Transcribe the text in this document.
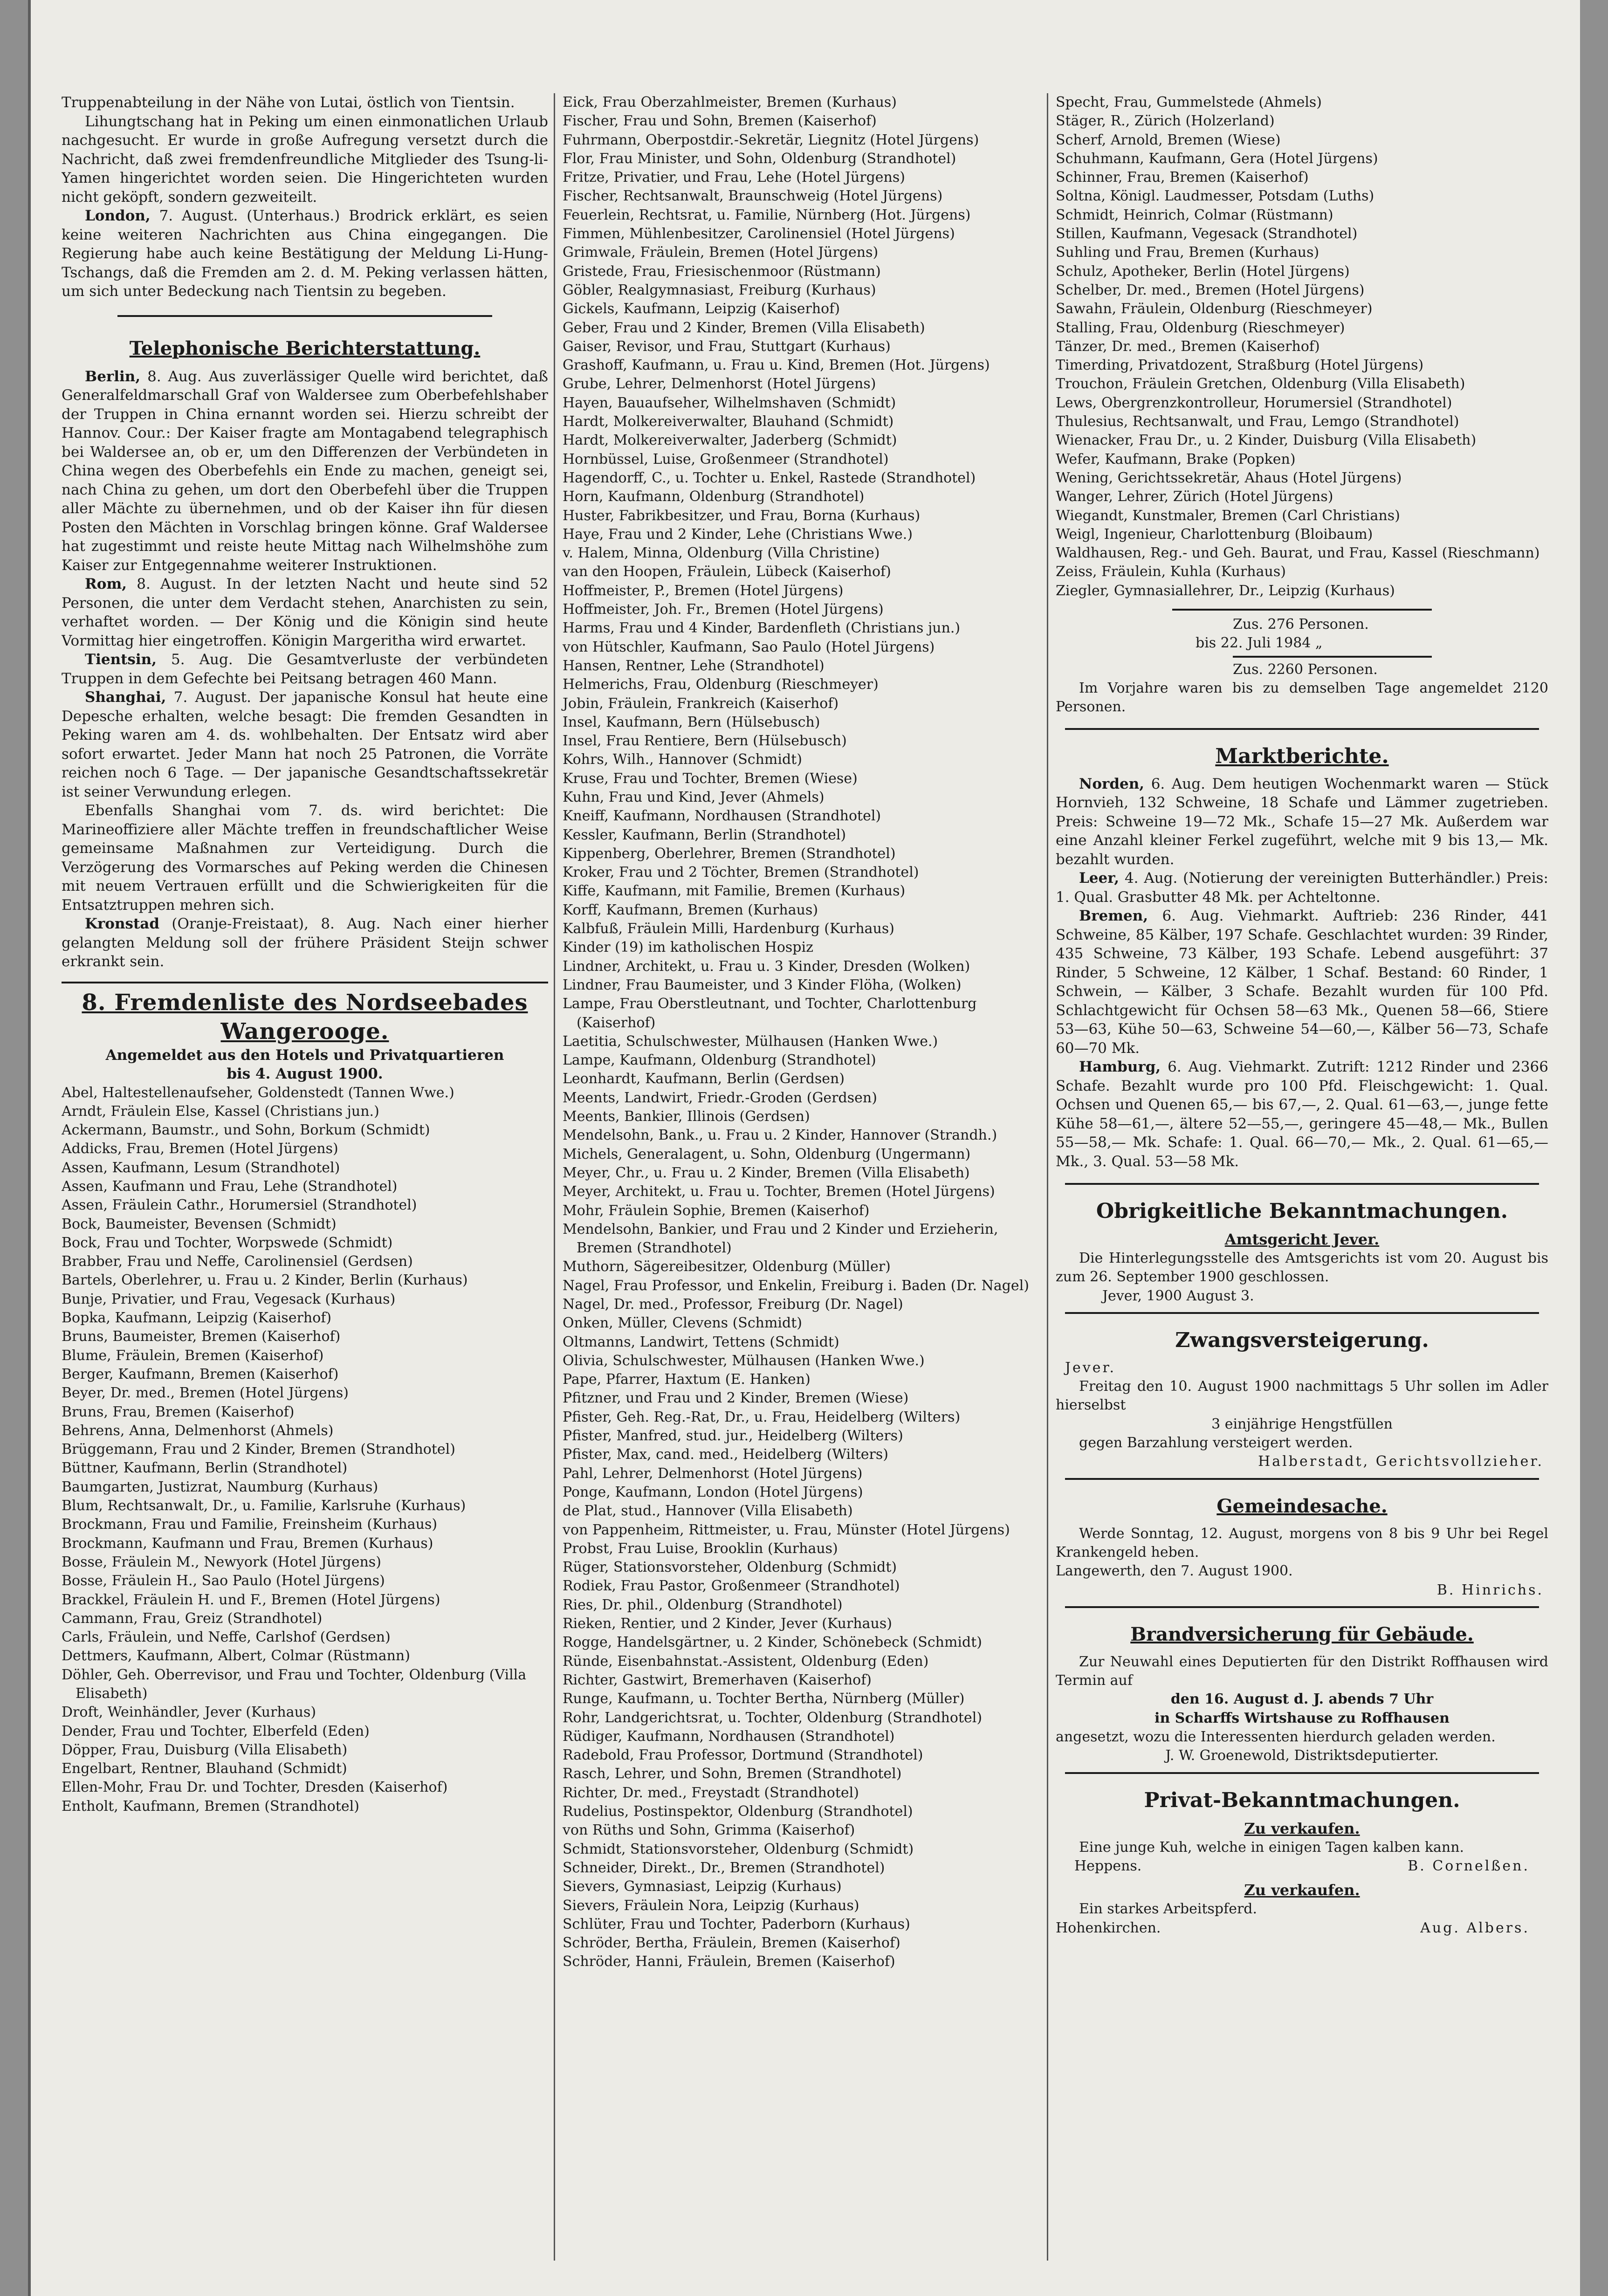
Truppenabteilung in der Nähe von Lutai, östlich von Tientsin.

Lihungtschang hat in Peking um einen einmonatlichen Urlaub nachgesucht. Er wurde in große Aufregung versetzt durch die Nachricht, daß zwei fremdenfreundliche Mitglieder des Tsung-li-Yamen hingerichtet worden seien. Die Hingerichteten wurden nicht geköpft, sondern gezweiteilt.

London, 7. August. (Unterhaus.) Brodrick erklärt, es seien keine weiteren Nachrichten aus China eingegangen. Die Regierung habe auch keine Bestätigung der Meldung Li-Hung-Tschangs, daß die Fremden am 2. d. M. Peking verlassen hätten, um sich unter Bedeckung nach Tientsin zu begeben.

Telephonische Berichterstattung.

Berlin, 8. Aug. Aus zuverlässiger Quelle wird berichtet, daß Generalfeldmarschall Graf von Waldersee zum Oberbefehlshaber der Truppen in China ernannt worden sei. Hierzu schreibt der Hannov. Cour.: Der Kaiser fragte am Montagabend telegraphisch bei Waldersee an, ob er, um den Differenzen der Verbündeten in China wegen des Oberbefehls ein Ende zu machen, geneigt sei, nach China zu gehen, um dort den Oberbefehl über die Truppen aller Mächte zu übernehmen, und ob der Kaiser ihn für diesen Posten den Mächten in Vorschlag bringen könne. Graf Waldersee hat zugestimmt und reiste heute Mittag nach Wilhelmshöhe zum Kaiser zur Entgegennahme weiterer Instruktionen.

Rom, 8. August. In der letzten Nacht und heute sind 52 Personen, die unter dem Verdacht stehen, Anarchisten zu sein, verhaftet worden. — Der König und die Königin sind heute Vormittag hier eingetroffen. Königin Margeritha wird erwartet.

Tientsin, 5. Aug. Die Gesamtverluste der verbündeten Truppen in dem Gefechte bei Peitsang betragen 460 Mann.

Shanghai, 7. August. Der japanische Konsul hat heute eine Depesche erhalten, welche besagt: Die fremden Gesandten in Peking waren am 4. ds. wohlbehalten. Der Entsatz wird aber sofort erwartet. Jeder Mann hat noch 25 Patronen, die Vorräte reichen noch 6 Tage. — Der japanische Gesandtschaftssekretär ist seiner Verwundung erlegen.

Ebenfalls Shanghai vom 7. ds. wird berichtet: Die Marineoffiziere aller Mächte treffen in freundschaftlicher Weise gemeinsame Maßnahmen zur Verteidigung. Durch die Verzögerung des Vormarsches auf Peking werden die Chinesen mit neuem Vertrauen erfüllt und die Schwierigkeiten für die Entsatztruppen mehren sich.

Kronstad (Oranje-Freistaat), 8. Aug. Nach einer hierher gelangten Meldung soll der frühere Präsident Steijn schwer erkrankt sein.

8. Fremdenliste des Nordseebades Wangerooge.
Angemeldet aus den Hotels und Privatquartieren
bis 4. August 1900.

Abel, Haltestellenaufseher, Goldenstedt (Tannen Wwe.)

Arndt, Fräulein Else, Kassel (Christians jun.)

Ackermann, Baumstr., und Sohn, Borkum (Schmidt)

Addicks, Frau, Bremen (Hotel Jürgens)

Assen, Kaufmann, Lesum (Strandhotel)

Assen, Kaufmann und Frau, Lehe (Strandhotel)

Assen, Fräulein Cathr., Horumersiel (Strandhotel)

Bock, Baumeister, Bevensen (Schmidt)

Bock, Frau und Tochter, Worpswede (Schmidt)

Brabber, Frau und Neffe, Carolinensiel (Gerdsen)

Bartels, Oberlehrer, u. Frau u. 2 Kinder, Berlin (Kurhaus)

Bunje, Privatier, und Frau, Vegesack (Kurhaus)

Bopka, Kaufmann, Leipzig (Kaiserhof)

Bruns, Baumeister, Bremen (Kaiserhof)

Blume, Fräulein, Bremen (Kaiserhof)

Berger, Kaufmann, Bremen (Kaiserhof)

Beyer, Dr. med., Bremen (Hotel Jürgens)

Bruns, Frau, Bremen (Kaiserhof)

Behrens, Anna, Delmenhorst (Ahmels)

Brüggemann, Frau und 2 Kinder, Bremen (Strandhotel)

Büttner, Kaufmann, Berlin (Strandhotel)

Baumgarten, Justizrat, Naumburg (Kurhaus)

Blum, Rechtsanwalt, Dr., u. Familie, Karlsruhe (Kurhaus)

Brockmann, Frau und Familie, Freinsheim (Kurhaus)

Brockmann, Kaufmann und Frau, Bremen (Kurhaus)

Bosse, Fräulein M., Newyork (Hotel Jürgens)

Bosse, Fräulein H., Sao Paulo (Hotel Jürgens)

Brackkel, Fräulein H. und F., Bremen (Hotel Jürgens)

Cammann, Frau, Greiz (Strandhotel)

Carls, Fräulein, und Neffe, Carlshof (Gerdsen)

Dettmers, Kaufmann, Albert, Colmar (Rüstmann)

Döhler, Geh. Oberrevisor, und Frau und Tochter, Oldenburg (Villa Elisabeth)

Droft, Weinhändler, Jever (Kurhaus)

Dender, Frau und Tochter, Elberfeld (Eden)

Döpper, Frau, Duisburg (Villa Elisabeth)

Engelbart, Rentner, Blauhand (Schmidt)

Ellen-Mohr, Frau Dr. und Tochter, Dresden (Kaiserhof)

Entholt, Kaufmann, Bremen (Strandhotel)

Eick, Frau Oberzahlmeister, Bremen (Kurhaus)

Fischer, Frau und Sohn, Bremen (Kaiserhof)

Fuhrmann, Oberpostdir.-Sekretär, Liegnitz (Hotel Jürgens)

Flor, Frau Minister, und Sohn, Oldenburg (Strandhotel)

Fritze, Privatier, und Frau, Lehe (Hotel Jürgens)

Fischer, Rechtsanwalt, Braunschweig (Hotel Jürgens)

Feuerlein, Rechtsrat, u. Familie, Nürnberg (Hot. Jürgens)

Fimmen, Mühlenbesitzer, Carolinensiel (Hotel Jürgens)

Grimwale, Fräulein, Bremen (Hotel Jürgens)

Gristede, Frau, Friesischenmoor (Rüstmann)

Göbler, Realgymnasiast, Freiburg (Kurhaus)

Gickels, Kaufmann, Leipzig (Kaiserhof)

Geber, Frau und 2 Kinder, Bremen (Villa Elisabeth)

Gaiser, Revisor, und Frau, Stuttgart (Kurhaus)

Grashoff, Kaufmann, u. Frau u. Kind, Bremen (Hot. Jürgens)

Grube, Lehrer, Delmenhorst (Hotel Jürgens)

Hayen, Bauaufseher, Wilhelmshaven (Schmidt)

Hardt, Molkereiverwalter, Blauhand (Schmidt)

Hardt, Molkereiverwalter, Jaderberg (Schmidt)

Hornbüssel, Luise, Großenmeer (Strandhotel)

Hagendorff, C., u. Tochter u. Enkel, Rastede (Strandhotel)

Horn, Kaufmann, Oldenburg (Strandhotel)

Huster, Fabrikbesitzer, und Frau, Borna (Kurhaus)

Haye, Frau und 2 Kinder, Lehe (Christians Wwe.)

v. Halem, Minna, Oldenburg (Villa Christine)

van den Hoopen, Fräulein, Lübeck (Kaiserhof)

Hoffmeister, P., Bremen (Hotel Jürgens)

Hoffmeister, Joh. Fr., Bremen (Hotel Jürgens)

Harms, Frau und 4 Kinder, Bardenfleth (Christians jun.)

von Hütschler, Kaufmann, Sao Paulo (Hotel Jürgens)

Hansen, Rentner, Lehe (Strandhotel)

Helmerichs, Frau, Oldenburg (Rieschmeyer)

Jobin, Fräulein, Frankreich (Kaiserhof)

Insel, Kaufmann, Bern (Hülsebusch)

Insel, Frau Rentiere, Bern (Hülsebusch)

Kohrs, Wilh., Hannover (Schmidt)

Kruse, Frau und Tochter, Bremen (Wiese)

Kuhn, Frau und Kind, Jever (Ahmels)

Kneiff, Kaufmann, Nordhausen (Strandhotel)

Kessler, Kaufmann, Berlin (Strandhotel)

Kippenberg, Oberlehrer, Bremen (Strandhotel)

Kroker, Frau und 2 Töchter, Bremen (Strandhotel)

Kiffe, Kaufmann, mit Familie, Bremen (Kurhaus)

Korff, Kaufmann, Bremen (Kurhaus)

Kalbfuß, Fräulein Milli, Hardenburg (Kurhaus)

Kinder (19) im katholischen Hospiz

Lindner, Architekt, u. Frau u. 3 Kinder, Dresden (Wolken)

Lindner, Frau Baumeister, und 3 Kinder Flöha, (Wolken)

Lampe, Frau Oberstleutnant, und Tochter, Charlottenburg (Kaiserhof)

Laetitia, Schulschwester, Mülhausen (Hanken Wwe.)

Lampe, Kaufmann, Oldenburg (Strandhotel)

Leonhardt, Kaufmann, Berlin (Gerdsen)

Meents, Landwirt, Friedr.-Groden (Gerdsen)

Meents, Bankier, Illinois (Gerdsen)

Mendelsohn, Bank., u. Frau u. 2 Kinder, Hannover (Strandh.)

Michels, Generalagent, u. Sohn, Oldenburg (Ungermann)

Meyer, Chr., u. Frau u. 2 Kinder, Bremen (Villa Elisabeth)

Meyer, Architekt, u. Frau u. Tochter, Bremen (Hotel Jürgens)

Mohr, Fräulein Sophie, Bremen (Kaiserhof)

Mendelsohn, Bankier, und Frau und 2 Kinder und Erzieherin, Bremen (Strandhotel)

Muthorn, Sägereibesitzer, Oldenburg (Müller)

Nagel, Frau Professor, und Enkelin, Freiburg i. Baden (Dr. Nagel)

Nagel, Dr. med., Professor, Freiburg (Dr. Nagel)

Onken, Müller, Clevens (Schmidt)

Oltmanns, Landwirt, Tettens (Schmidt)

Olivia, Schulschwester, Mülhausen (Hanken Wwe.)

Pape, Pfarrer, Haxtum (E. Hanken)

Pfitzner, und Frau und 2 Kinder, Bremen (Wiese)

Pfister, Geh. Reg.-Rat, Dr., u. Frau, Heidelberg (Wilters)

Pfister, Manfred, stud. jur., Heidelberg (Wilters)

Pfister, Max, cand. med., Heidelberg (Wilters)

Pahl, Lehrer, Delmenhorst (Hotel Jürgens)

Ponge, Kaufmann, London (Hotel Jürgens)

de Plat, stud., Hannover (Villa Elisabeth)

von Pappenheim, Rittmeister, u. Frau, Münster (Hotel Jürgens)

Probst, Frau Luise, Brooklin (Kurhaus)

Rüger, Stationsvorsteher, Oldenburg (Schmidt)

Rodiek, Frau Pastor, Großenmeer (Strandhotel)

Ries, Dr. phil., Oldenburg (Strandhotel)

Rieken, Rentier, und 2 Kinder, Jever (Kurhaus)

Rogge, Handelsgärtner, u. 2 Kinder, Schönebeck (Schmidt)

Ründe, Eisenbahnstat.-Assistent, Oldenburg (Eden)

Richter, Gastwirt, Bremerhaven (Kaiserhof)

Runge, Kaufmann, u. Tochter Bertha, Nürnberg (Müller)

Rohr, Landgerichtsrat, u. Tochter, Oldenburg (Strandhotel)

Rüdiger, Kaufmann, Nordhausen (Strandhotel)

Radebold, Frau Professor, Dortmund (Strandhotel)

Rasch, Lehrer, und Sohn, Bremen (Strandhotel)

Richter, Dr. med., Freystadt (Strandhotel)

Rudelius, Postinspektor, Oldenburg (Strandhotel)

von Rüths und Sohn, Grimma (Kaiserhof)

Schmidt, Stationsvorsteher, Oldenburg (Schmidt)

Schneider, Direkt., Dr., Bremen (Strandhotel)

Sievers, Gymnasiast, Leipzig (Kurhaus)

Sievers, Fräulein Nora, Leipzig (Kurhaus)

Schlüter, Frau und Tochter, Paderborn (Kurhaus)

Schröder, Bertha, Fräulein, Bremen (Kaiserhof)

Schröder, Hanni, Fräulein, Bremen (Kaiserhof)

Specht, Frau, Gummelstede (Ahmels)

Stäger, R., Zürich (Holzerland)

Scherf, Arnold, Bremen (Wiese)

Schuhmann, Kaufmann, Gera (Hotel Jürgens)

Schinner, Frau, Bremen (Kaiserhof)

Soltna, Königl. Laudmesser, Potsdam (Luths)

Schmidt, Heinrich, Colmar (Rüstmann)

Stillen, Kaufmann, Vegesack (Strandhotel)

Suhling und Frau, Bremen (Kurhaus)

Schulz, Apotheker, Berlin (Hotel Jürgens)

Schelber, Dr. med., Bremen (Hotel Jürgens)

Sawahn, Fräulein, Oldenburg (Rieschmeyer)

Stalling, Frau, Oldenburg (Rieschmeyer)

Tänzer, Dr. med., Bremen (Kaiserhof)

Timerding, Privatdozent, Straßburg (Hotel Jürgens)

Trouchon, Fräulein Gretchen, Oldenburg (Villa Elisabeth)

Lews, Obergrenzkontrolleur, Horumersiel (Strandhotel)

Thulesius, Rechtsanwalt, und Frau, Lemgo (Strandhotel)

Wienacker, Frau Dr., u. 2 Kinder, Duisburg (Villa Elisabeth)

Wefer, Kaufmann, Brake (Popken)

Wening, Gerichtssekretär, Ahaus (Hotel Jürgens)

Wanger, Lehrer, Zürich (Hotel Jürgens)

Wiegandt, Kunstmaler, Bremen (Carl Christians)

Weigl, Ingenieur, Charlottenburg (Bloibaum)

Waldhausen, Reg.- und Geh. Baurat, und Frau, Kassel (Rieschmann)

Zeiss, Fräulein, Kuhla (Kurhaus)

Ziegler, Gymnasiallehrer, Dr., Leipzig (Kurhaus)

Zus. 276 Personen.
bis 22. Juli 1984 „
Zus. 2260 Personen.

Im Vorjahre waren bis zu demselben Tage angemeldet 2120 Personen.

Marktberichte.

Norden, 6. Aug. Dem heutigen Wochenmarkt waren — Stück Hornvieh, 132 Schweine, 18 Schafe und Lämmer zugetrieben. Preis: Schweine 19—72 Mk., Schafe 15—27 Mk. Außerdem war eine Anzahl kleiner Ferkel zugeführt, welche mit 9 bis 13,— Mk. bezahlt wurden.

Leer, 4. Aug. (Notierung der vereinigten Butterhändler.) Preis: 1. Qual. Grasbutter 48 Mk. per Achteltonne.

Bremen, 6. Aug. Viehmarkt. Auftrieb: 236 Rinder, 441 Schweine, 85 Kälber, 197 Schafe. Geschlachtet wurden: 39 Rinder, 435 Schweine, 73 Kälber, 193 Schafe. Lebend ausgeführt: 37 Rinder, 5 Schweine, 12 Kälber, 1 Schaf. Bestand: 60 Rinder, 1 Schwein, — Kälber, 3 Schafe. Bezahlt wurden für 100 Pfd. Schlachtgewicht für Ochsen 58—63 Mk., Quenen 58—66, Stiere 53—63, Kühe 50—63, Schweine 54—60,—, Kälber 56—73, Schafe 60—70 Mk.

Hamburg, 6. Aug. Viehmarkt. Zutrift: 1212 Rinder und 2366 Schafe. Bezahlt wurde pro 100 Pfd. Fleischgewicht: 1. Qual. Ochsen und Quenen 65,— bis 67,—, 2. Qual. 61—63,—, junge fette Kühe 58—61,—, ältere 52—55,—, geringere 45—48,— Mk., Bullen 55—58,— Mk. Schafe: 1. Qual. 66—70,— Mk., 2. Qual. 61—65,— Mk., 3. Qual. 53—58 Mk.

Obrigkeitliche Bekanntmachungen.
Amtsgericht Jever.

Die Hinterlegungsstelle des Amtsgerichts ist vom 20. August bis zum 26. September 1900 geschlossen.

Jever, 1900 August 3.

Zwangsversteigerung.

Jever.

Freitag den 10. August 1900 nachmittags 5 Uhr sollen im Adler hierselbst

3 einjährige Hengstfüllen

gegen Barzahlung versteigert werden.

Halberstadt, Gerichtsvollzieher.

Gemeindesache.

Werde Sonntag, 12. August, morgens von 8 bis 9 Uhr bei Regel Krankengeld heben.

Langewerth, den 7. August 1900.

B. Hinrichs.

Brandversicherung für Gebäude.

Zur Neuwahl eines Deputierten für den Distrikt Roffhausen wird Termin auf

den 16. August d. J. abends 7 Uhr

in Scharffs Wirtshause zu Roffhausen

angesetzt, wozu die Interessenten hierdurch geladen werden.

J. W. Groenewold, Distriktsdeputierter.

Privat-Bekanntmachungen.
Zu verkaufen.

Eine junge Kuh, welche in einigen Tagen kalben kann.

Heppens.	B. Cornelßen.
Zu verkaufen.

Ein starkes Arbeitspferd.

Hohenkirchen.	Aug. Albers.
